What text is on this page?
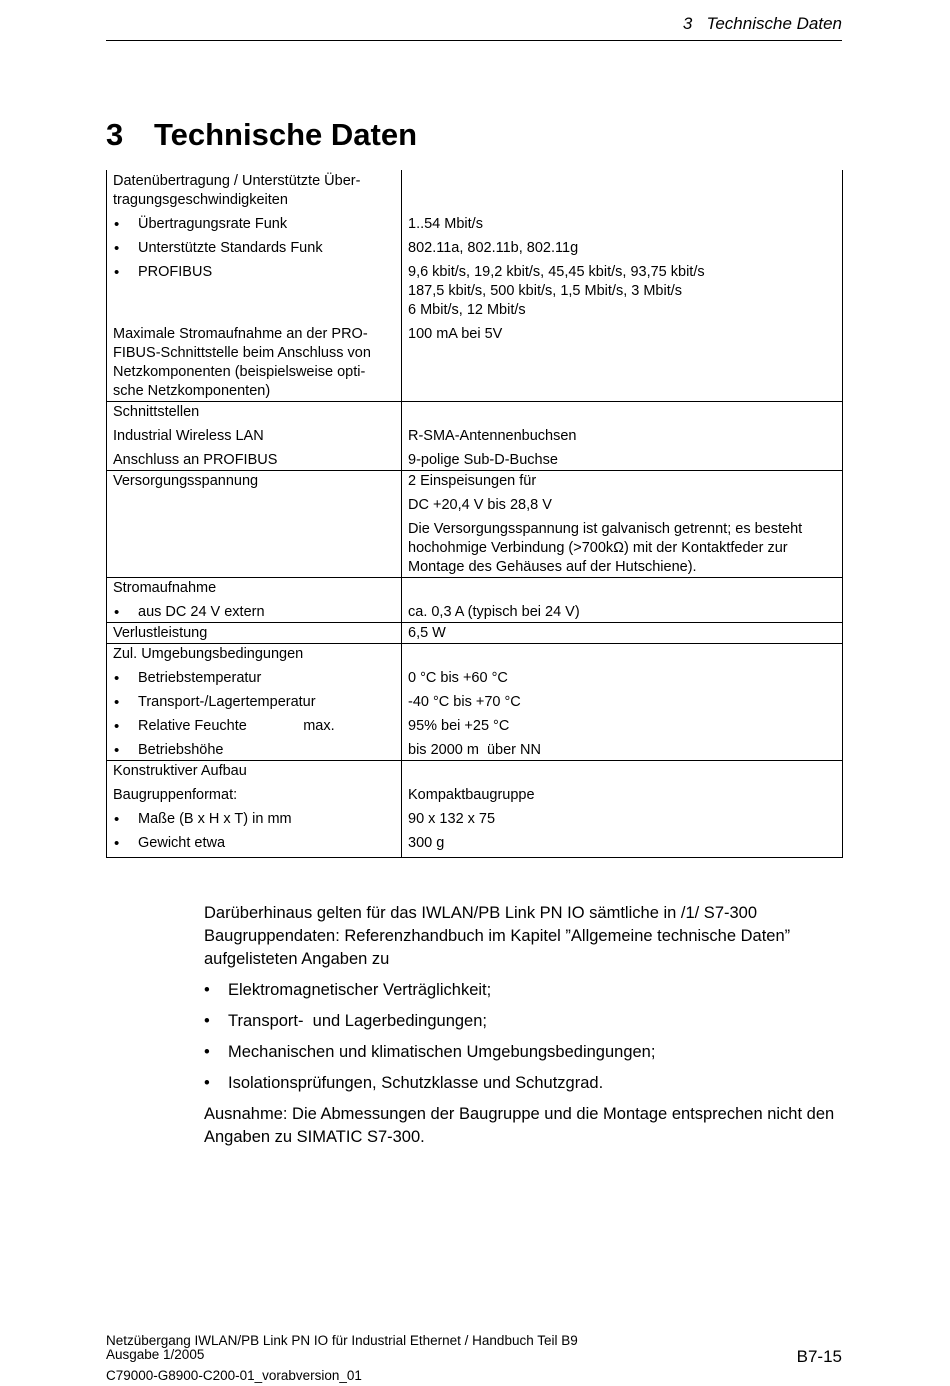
3   Technische Daten
3 Technische Daten
Datenübertragung / Unterstützte Über-
tragungsgeschwindigkeiten	

• Übertragungsrate Funk	1..54 Mbit/s

• Unterstützte Standards Funk	802.11a, 802.11b, 802.11g

• PROFIBUS	9,6 kbit/s, 19,2 kbit/s, 45,45 kbit/s, 93,75 kbit/s
187,5 kbit/s, 500 kbit/s, 1,5 Mbit/s, 3 Mbit/s
6 Mbit/s, 12 Mbit/s

Maximale Stromaufnahme an der PRO-
FIBUS-Schnittstelle beim Anschluss von
Netzkomponenten (beispielsweise opti-
sche Netzkomponenten)	100 mA bei 5V

Schnittstellen	

Industrial Wireless LAN	R-SMA-Antennenbuchsen

Anschluss an PROFIBUS	9-polige Sub-D-Buchse

Versorgungsspannung	2 Einspeisungen für

	DC +20,4 V bis 28,8 V

	Die Versorgungsspannung ist galvanisch getrennt; es besteht
hochohmige Verbindung (>700kΩ) mit der Kontaktfeder zur
Montage des Gehäuses auf der Hutschiene).

Stromaufnahme	

• aus DC 24 V extern	ca. 0,3 A (typisch bei 24 V)

Verlustleistung	6,5 W

Zul. Umgebungsbedingungen	

• Betriebstemperatur	0 °C bis +60 °C

• Transport-/Lagertemperatur	-40 °C bis +70 °C

• Relative Feuchte              max.	95% bei +25 °C

• Betriebshöhe	bis 2000 m  über NN

Konstruktiver Aufbau	

Baugruppenformat:	Kompaktbaugruppe

• Maße (B x H x T) in mm	90 x 132 x 75

• Gewicht etwa	300 g

Darüberhinaus gelten für das IWLAN/PB Link PN IO sämtliche in /1/ S7-300 Baugruppendaten: Referenzhandbuch im Kapitel ”Allgemeine technische Daten” aufgelisteten Angaben zu

• Elektromagnetischer Verträglichkeit;
• Transport-  und Lagerbedingungen;
• Mechanischen und klimatischen Umgebungsbedingungen;
• Isolationsprüfungen, Schutzklasse und Schutzgrad.

Ausnahme: Die Abmessungen der Baugruppe und die Montage entsprechen nicht den Angaben zu SIMATIC S7-300.

Netzübergang IWLAN/PB Link PN IO für Industrial Ethernet / Handbuch Teil B9
Ausgabe 1/2005
C79000-G8900-C200-01_vorabversion_01
B7-15
